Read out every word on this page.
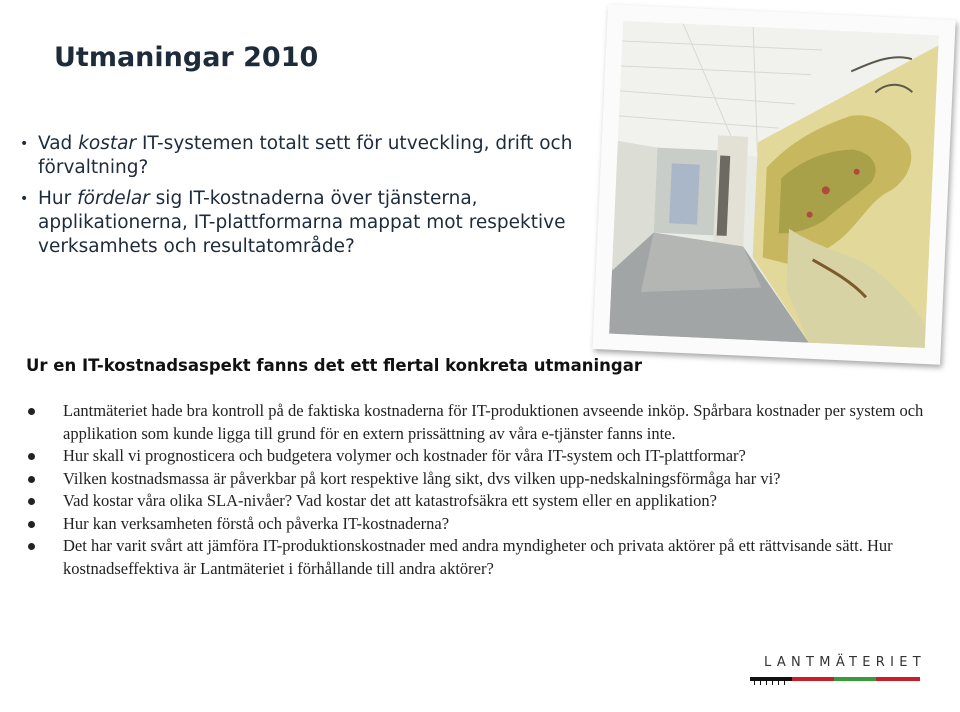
Utmaningar 2010
• Vad kostar IT-systemen totalt sett för utveckling, drift och förvaltning?
• Hur fördelar sig IT-kostnaderna över tjänsterna, applikationerna, IT-plattformarna mappat mot respektive verksamhets och resultatområde?
Ur en IT-kostnadsaspekt fanns det ett flertal konkreta utmaningar
Lantmäteriet hade bra kontroll på de faktiska kostnaderna för IT-produktionen avseende inköp. Spårbara kostnader per system och applikation som kunde ligga till grund för en extern prissättning av våra e-tjänster fanns inte.
Hur skall vi prognosticera och budgetera volymer och kostnader för våra IT-system och IT-plattformar?
Vilken kostnadsmassa är påverkbar på kort respektive lång sikt, dvs vilken upp-nedskalningsförmåga har vi?
Vad kostar våra olika SLA-nivåer? Vad kostar det att katastrofsäkra ett system eller en applikation?
Hur kan verksamheten förstå och påverka IT-kostnaderna?
Det har varit svårt att jämföra IT-produktionskostnader med andra myndigheter och privata aktörer på ett rättvisande sätt. Hur kostnadseffektiva är Lantmäteriet i förhållande till andra aktörer?
LANTMÄTERIET
